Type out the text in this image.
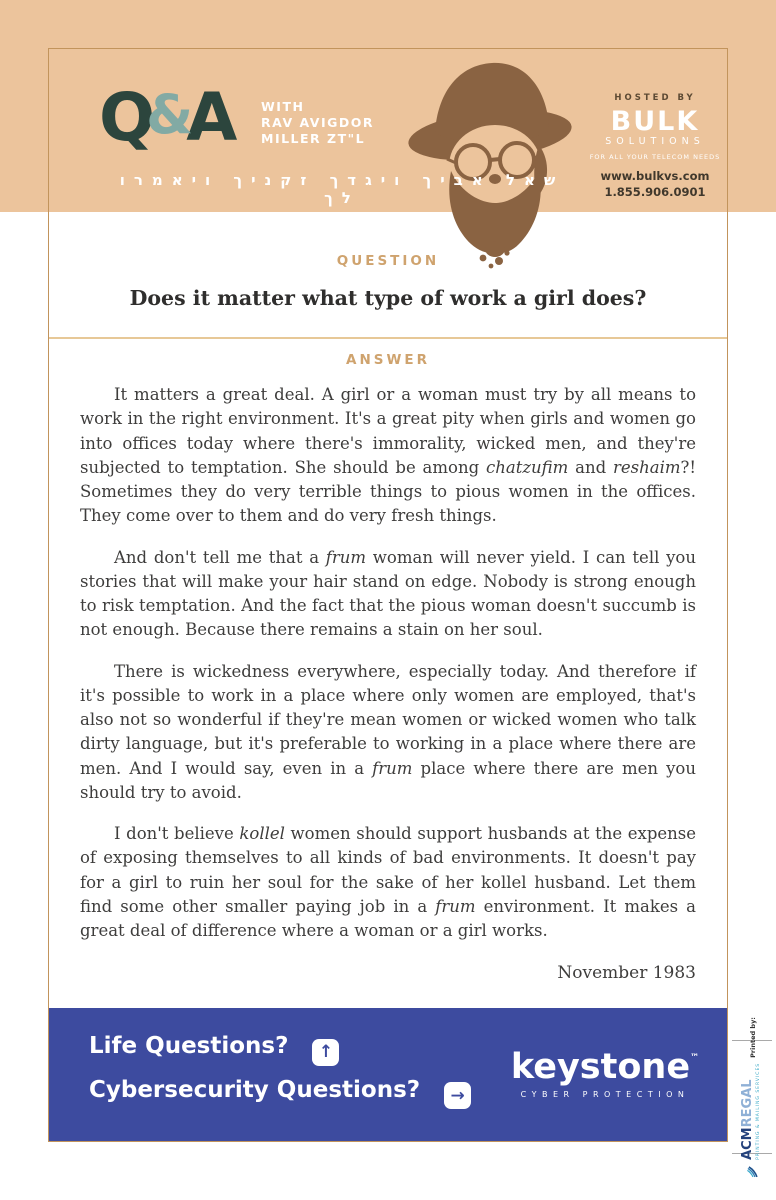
Q&A WITH
RAV AVIGDOR
MILLER ZT"L
שאל אביך ויגדך זקניך ויאמרו לך
HOSTED BY
BULK
SOLUTIONS
FOR ALL YOUR TELECOM NEEDS
www.bulkvs.com
1.855.906.0901
QUESTION
Does it matter what type of work a girl does?
ANSWER

It matters a great deal. A girl or a woman must try by all means to work in the right environment. It's a great pity when girls and women go into offices today where there's immorality, wicked men, and they're subjected to temptation. She should be among chatzufim and reshaim?! Sometimes they do very terrible things to pious women in the offices. They come over to them and do very fresh things.

And don't tell me that a frum woman will never yield. I can tell you stories that will make your hair stand on edge. Nobody is strong enough to risk temptation. And the fact that the pious woman doesn't succumb is not enough. Because there remains a stain on her soul.

There is wickedness everywhere, especially today. And therefore if it's possible to work in a place where only women are employed, that's also not so wonderful if they're mean women or wicked women who talk dirty language, but it's preferable to working in a place where there are men. And I would say, even in a frum place where there are men you should try to avoid.

I don't believe kollel women should support husbands at the expense of exposing themselves to all kinds of bad environments. It doesn't pay for a girl to ruin her soul for the sake of her kollel husband. Let them find some other smaller paying job in a frum environment. It makes a great deal of difference where a woman or a girl works.

November 1983
Life Questions? ↑
Cybersecurity Questions? →
keystone™
CYBER PROTECTION
ACMREGAL PRINTING & MAILING SERVICES
Printed by:
